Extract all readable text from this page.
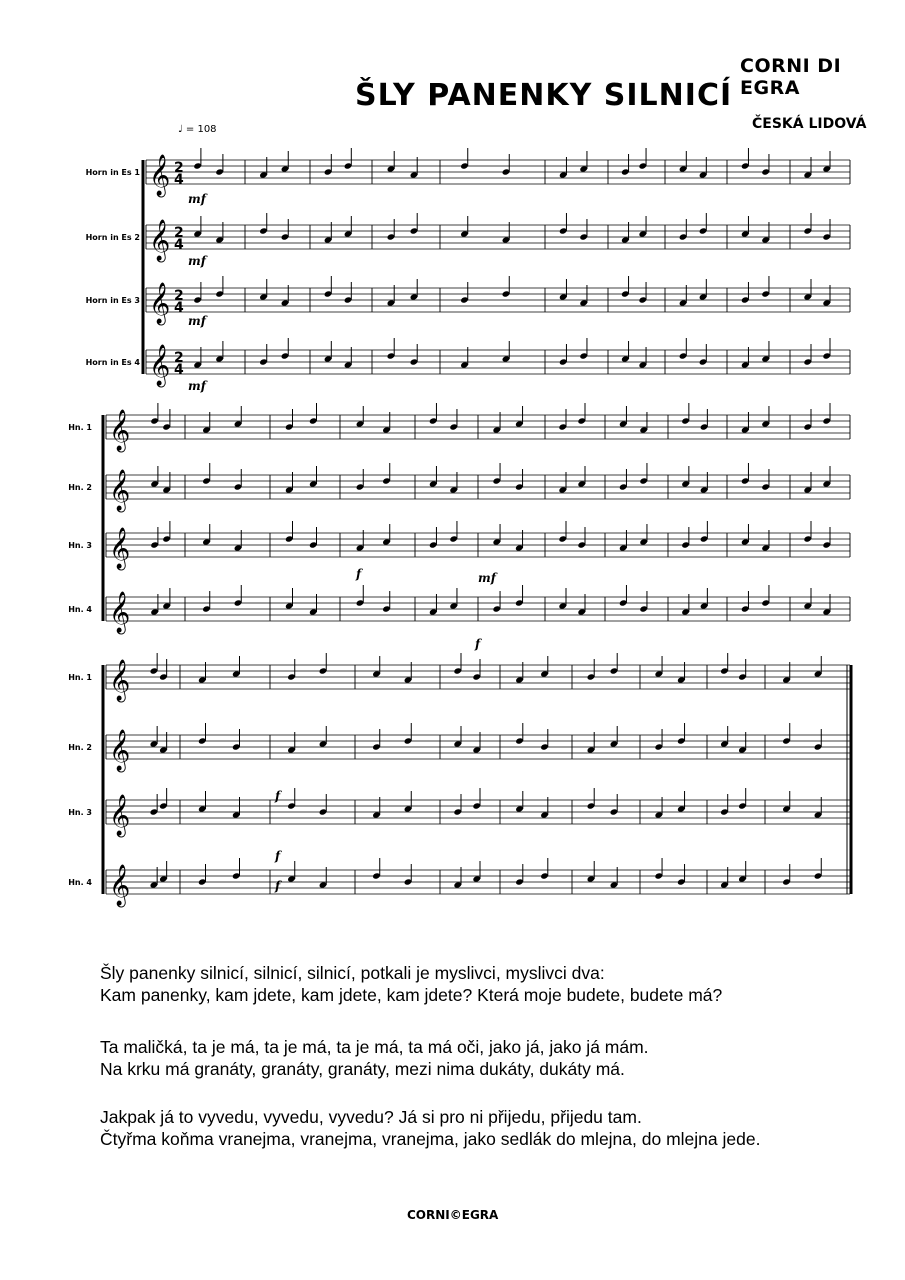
CORNI DI EGRA
ŠLY PANENKY SILNICÍ
ČESKÁ LIDOVÁ
♩ = 108
𝄞
Horn in Es 1 2
4
𝄞
Horn in Es 2 2
4
𝄞
Horn in Es 3 2
4
𝄞
Horn in Es 4 2
4
mf
mf
mf
mf
𝄞
Hn. 1
𝄞
Hn. 2
𝄞
Hn. 3
𝄞
Hn. 4
f	mf
f
𝄞
Hn. 1
𝄞
Hn. 2
𝄞
Hn. 3
𝄞
Hn. 4
f
f
f
Šly panenky silnicí, silnicí, silnicí, potkali je myslivci, myslivci dva:
Kam panenky, kam jdete, kam jdete, kam jdete? Která moje budete, budete má?
Ta maličká, ta je má, ta je má, ta je má, ta má oči, jako já, jako já mám.
Na krku má granáty, granáty, granáty, mezi nima dukáty, dukáty má.
Jakpak já to vyvedu, vyvedu, vyvedu? Já si pro ni přijedu, přijedu tam.
Čtyřma koňma vranejma, vranejma, vranejma, jako sedlák do mlejna, do mlejna jede.
CORNI©EGRA
